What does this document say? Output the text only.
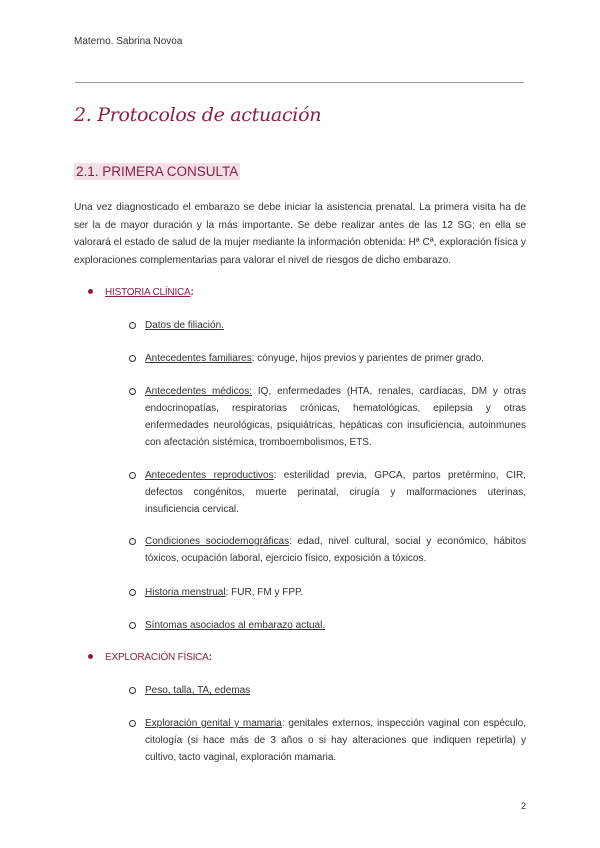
Materno. Sabrina Novoa
2. Protocolos de actuación
2.1. PRIMERA CONSULTA
Una vez diagnosticado el embarazo se debe iniciar la asistencia prenatal. La primera visita ha de ser la de mayor duración y la más importante. Se debe realizar antes de las 12 SG; en ella se valorará el estado de salud de la mujer mediante la información obtenida: Hª Cª, exploración física y exploraciones complementarias para valorar el nivel de riesgos de dicho embarazo.
HISTORIA CLÍNICA:
Datos de filiación.
Antecedentes familiares: cónyuge, hijos previos y parientes de primer grado.
Antecedentes médicos: IQ, enfermedades (HTA, renales, cardíacas, DM y otras endocrinopatías, respiratorias crónicas, hematológicas, epilepsia y otras enfermedades neurológicas, psiquiátricas, hepáticas con insuficiencia, autoinmunes con afectación sistémica, tromboembolismos, ETS.
Antecedentes reproductivos: esterilidad previa, GPCA, partos pretérmino, CIR, defectos congénitos, muerte perinatal, cirugía y malformaciones uterinas, insuficiencia cervical.
Condiciones sociodemográficas: edad, nivel cultural, social y económico, hábitos tóxicos, ocupación laboral, ejercicio físico, exposición a tóxicos.
Historia menstrual: FUR, FM y FPP.
Síntomas asociados al embarazo actual.
EXPLORACIÓN FÍSICA:
Peso, talla, TA, edemas
Exploración genital y mamaria: genitales externos, inspección vaginal con espéculo, citología (si hace más de 3 años o si hay alteraciones que indiquen repetirla) y cultivo, tacto vaginal, exploración mamaria.
2
